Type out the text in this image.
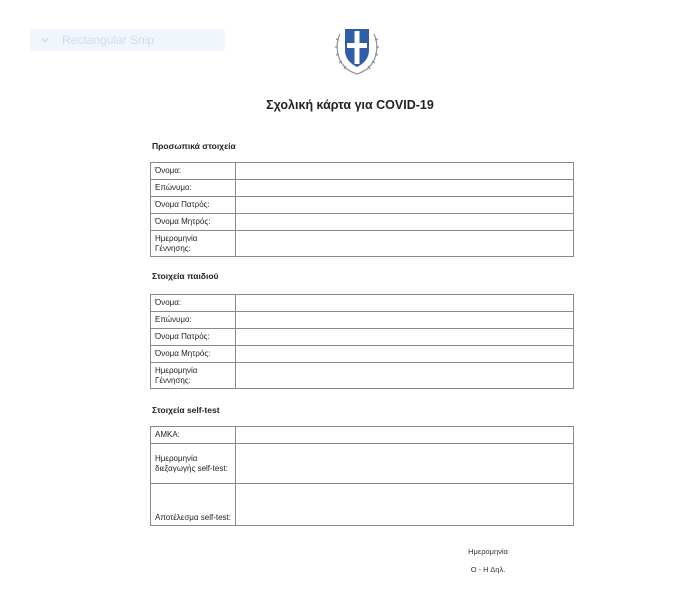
Rectangular Snip
Σχολική κάρτα για COVID-19
Προσωπικά στοιχεία
Όνομα:	
Επώνυμο:	
Όνομα Πατρός:	
Όνομα Μητρός:	
Ημερομηνία Γέννησης:	
Στοιχεία παιδιού
Όνομα:	
Επώνυμο:	
Όνομα Πατρός:	
Όνομα Μητρός:	
Ημερομηνία Γέννησης:	
Στοιχεία self-test
ΑΜΚΑ:	
Ημερομηνία διεξαγωγής self-test:	
Αποτέλεσμα self-test:	
Ημερομηνία
Ο - Η Δηλ.
